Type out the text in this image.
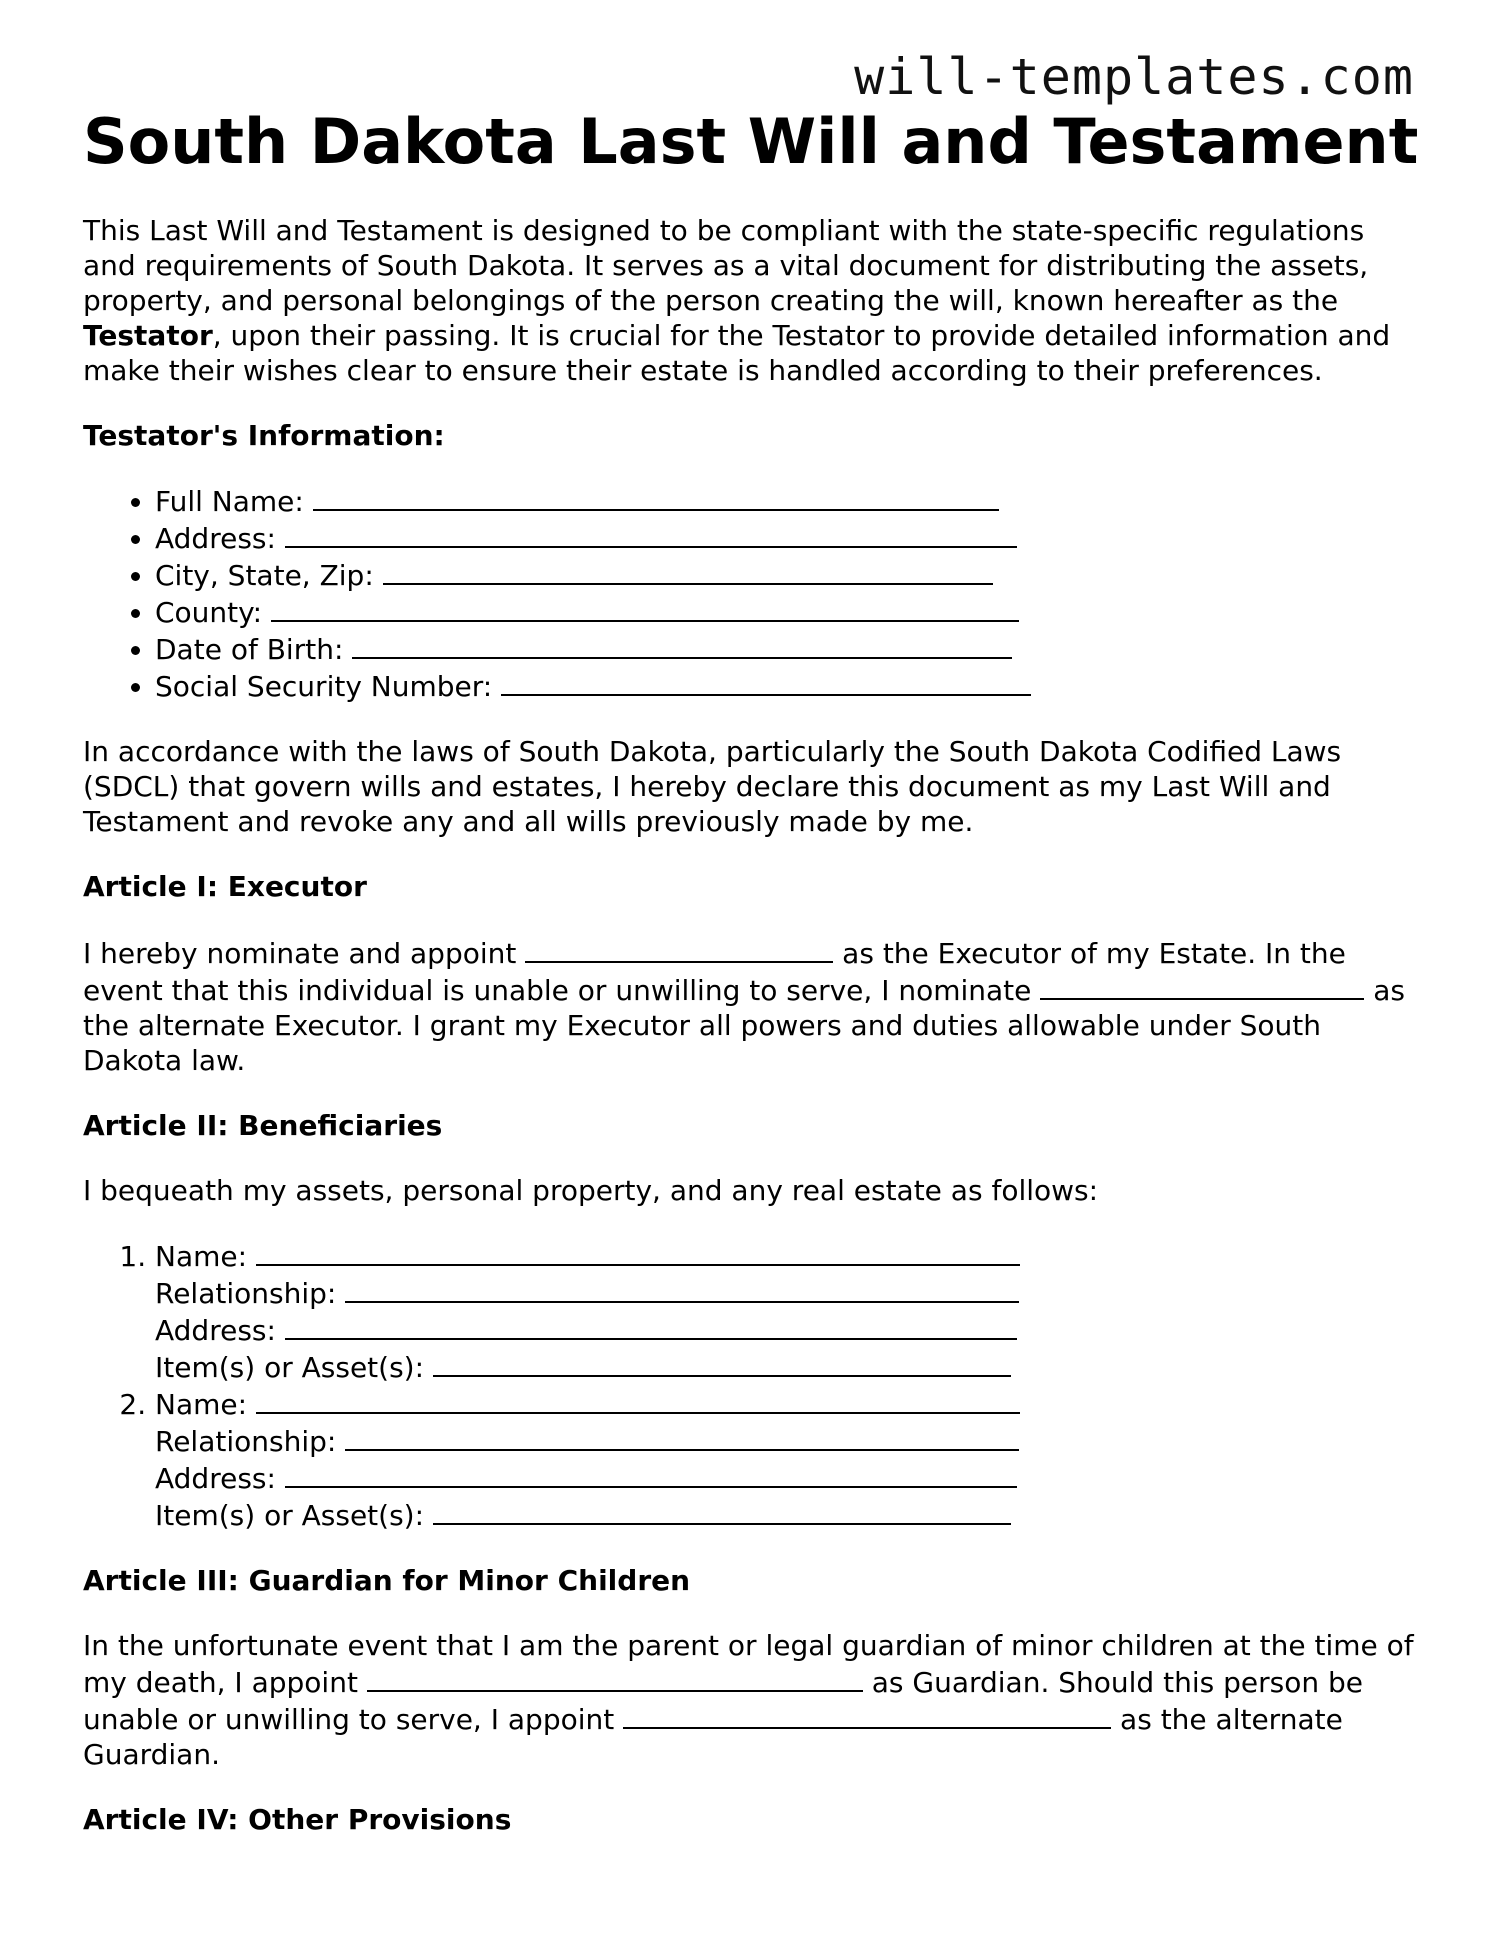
will-templates.com
South Dakota Last Will and Testament

This Last Will and Testament is designed to be compliant with the state-specific regulations and requirements of South Dakota. It serves as a vital document for distributing the assets, property, and personal belongings of the person creating the will, known hereafter as the Testator, upon their passing. It is crucial for the Testator to provide detailed information and make their wishes clear to ensure their estate is handled according to their preferences.

Testator's Information:
• Full Name:
• Address:
• City, State, Zip:
• County:
• Date of Birth:
• Social Security Number:

In accordance with the laws of South Dakota, particularly the South Dakota Codified Laws (SDCL) that govern wills and estates, I hereby declare this document as my Last Will and Testament and revoke any and all wills previously made by me.

Article I: Executor

I hereby nominate and appoint	as the Executor of my Estate. In the event that this individual is unable or unwilling to serve, I nominate	as the alternate Executor. I grant my Executor all powers and duties allowable under South Dakota law.

Article II: Beneficiaries

I bequeath my assets, personal property, and any real estate as follows:

1. Name:
Relationship:
Address:
Item(s) or Asset(s):
2. Name:
Relationship:
Address:
Item(s) or Asset(s):
Article III: Guardian for Minor Children

In the unfortunate event that I am the parent or legal guardian of minor children at the time of my death, I appoint	as Guardian. Should this person be unable or unwilling to serve, I appoint	as the alternate Guardian.

Article IV: Other Provisions
